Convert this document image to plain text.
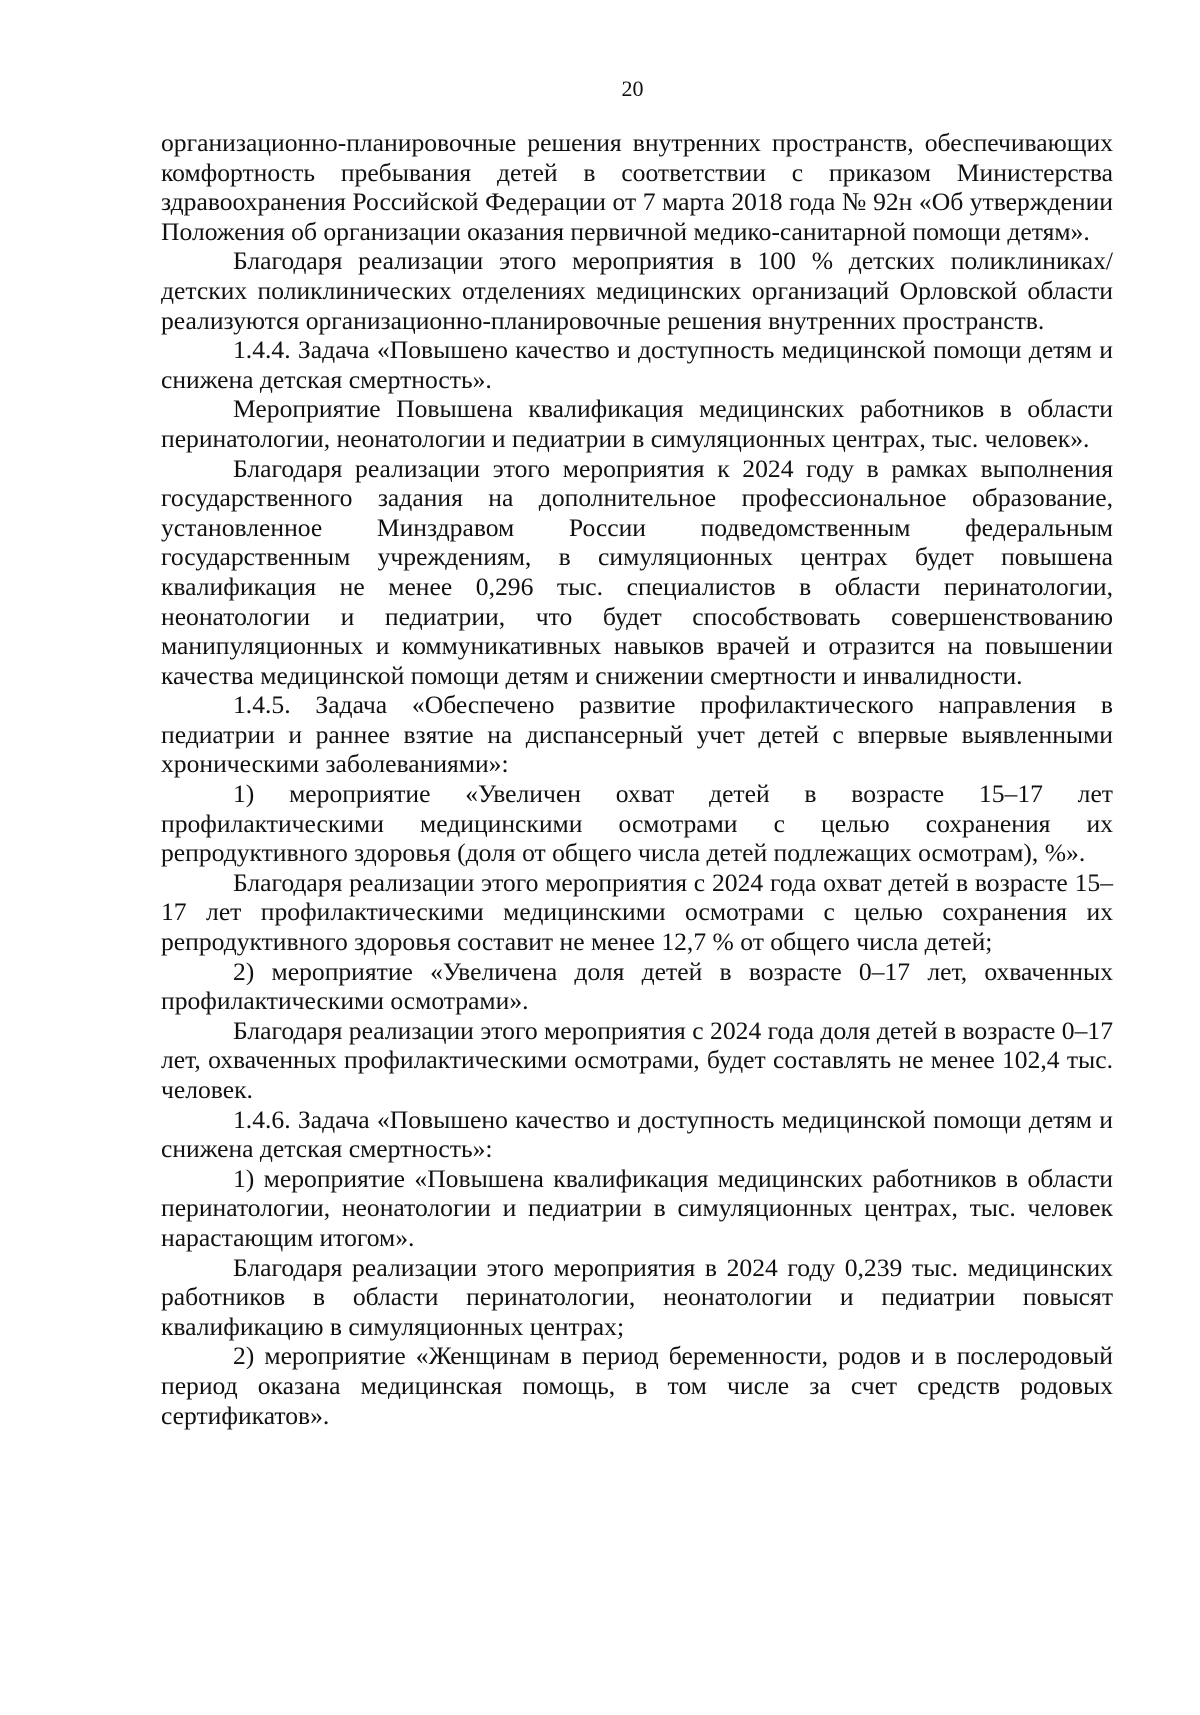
20

организационно-планировочные решения внутренних пространств, обеспечивающих комфортность пребывания детей в соответствии с приказом Министерства здравоохранения Российской Федерации от 7 марта 2018 года № 92н «Об утверждении Положения об организации оказания первичной медико-санитарной помощи детям».

Благодаря реализации этого мероприятия в 100 % детских поликлиниках/ детских поликлинических отделениях медицинских организаций Орловской области реализуются организационно-планировочные решения внутренних пространств.

1.4.4. Задача «Повышено качество и доступность медицинской помощи детям и снижена детская смертность».

Мероприятие Повышена квалификация медицинских работников в области перинатологии, неонатологии и педиатрии в симуляционных центрах, тыс. человек».

Благодаря реализации этого мероприятия к 2024 году в рамках выполнения государственного задания на дополнительное профессиональное образование, установленное Минздравом России подведомственным федеральным государственным учреждениям, в симуляционных центрах будет повышена квалификация не менее 0,296 тыс. специалистов в области перинатологии, неонатологии и педиатрии, что будет способствовать совершенствованию манипуляционных и коммуникативных навыков врачей и отразится на повышении качества медицинской помощи детям и снижении смертности и инвалидности.

1.4.5. Задача «Обеспечено развитие профилактического направления в педиатрии и раннее взятие на диспансерный учет детей с впервые выявленными хроническими заболеваниями»:

1) мероприятие «Увеличен охват детей в возрасте 15–17 лет профилактическими медицинскими осмотрами с целью сохранения их репродуктивного здоровья (доля от общего числа детей подлежащих осмотрам), %».

Благодаря реализации этого мероприятия с 2024 года охват детей в возрасте 15–17 лет профилактическими медицинскими осмотрами с целью сохранения их репродуктивного здоровья составит не менее 12,7 % от общего числа детей;

2) мероприятие «Увеличена доля детей в возрасте 0–17 лет, охваченных профилактическими осмотрами».

Благодаря реализации этого мероприятия с 2024 года доля детей в возрасте 0–17 лет, охваченных профилактическими осмотрами, будет составлять не менее 102,4 тыс. человек.

1.4.6. Задача «Повышено качество и доступность медицинской помощи детям и снижена детская смертность»:

1) мероприятие «Повышена квалификация медицинских работников в области перинатологии, неонатологии и педиатрии в симуляционных центрах, тыс. человек нарастающим итогом».

Благодаря реализации этого мероприятия в 2024 году 0,239 тыс. медицинских работников в области перинатологии, неонатологии и педиатрии повысят квалификацию в симуляционных центрах;

2) мероприятие «Женщинам в период беременности, родов и в послеродовый период оказана медицинская помощь, в том числе за счет средств родовых сертификатов».
